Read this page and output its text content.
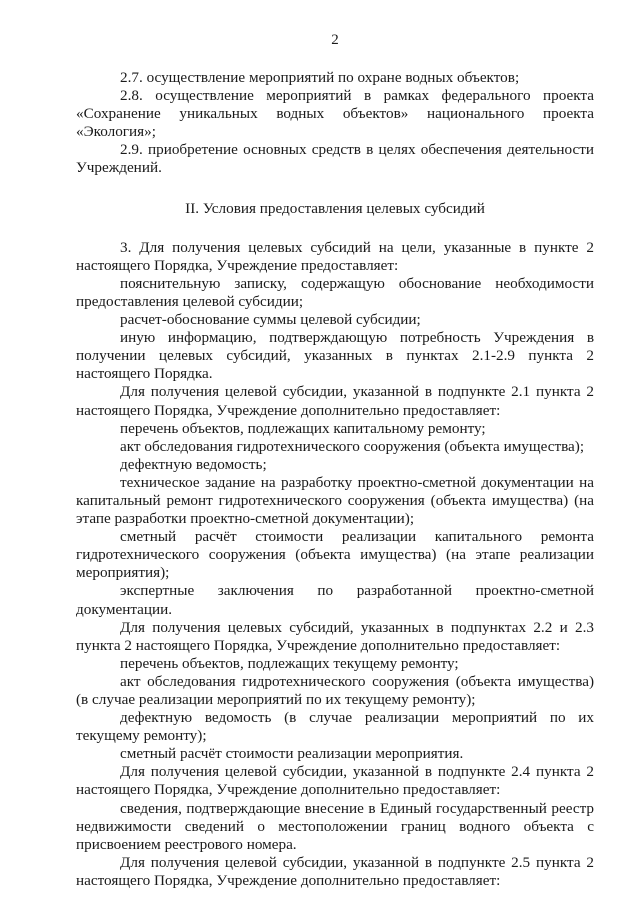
2

2.7. осуществление мероприятий по охране водных объектов;

2.8. осуществление мероприятий в рамках федерального проекта «Сохранение уникальных водных объектов» национального проекта «Экология»;

2.9. приобретение основных средств в целях обеспечения деятельности Учреждений.

II. Условия предоставления целевых субсидий

3. Для получения целевых субсидий на цели, указанные в пункте 2 настоящего Порядка, Учреждение предоставляет:

пояснительную записку, содержащую обоснование необходимости предоставления целевой субсидии;

расчет-обоснование суммы целевой субсидии;

иную информацию, подтверждающую потребность Учреждения в получении целевых субсидий, указанных в пунктах 2.1-2.9 пункта 2 настоящего Порядка.

Для получения целевой субсидии, указанной в подпункте 2.1 пункта 2 настоящего Порядка, Учреждение дополнительно предоставляет:

перечень объектов, подлежащих капитальному ремонту;

акт обследования гидротехнического сооружения (объекта имущества);

дефектную ведомость;

техническое задание на разработку проектно-сметной документации на капитальный ремонт гидротехнического сооружения (объекта имущества) (на этапе разработки проектно-сметной документации);

сметный расчёт стоимости реализации капитального ремонта гидротехнического сооружения (объекта имущества) (на этапе реализации мероприятия);

экспертные заключения по разработанной проектно-сметной документации.

Для получения целевых субсидий, указанных в подпунктах 2.2 и 2.3 пункта 2 настоящего Порядка, Учреждение дополнительно предоставляет:

перечень объектов, подлежащих текущему ремонту;

акт обследования гидротехнического сооружения (объекта имущества) (в случае реализации мероприятий по их текущему ремонту);

дефектную ведомость (в случае реализации мероприятий по их текущему ремонту);

сметный расчёт стоимости реализации мероприятия.

Для получения целевой субсидии, указанной в подпункте 2.4 пункта 2 настоящего Порядка, Учреждение дополнительно предоставляет:

сведения, подтверждающие внесение в Единый государственный реестр недвижимости сведений о местоположении границ водного объекта с присвоением реестрового номера.

Для получения целевой субсидии, указанной в подпункте 2.5 пункта 2 настоящего Порядка, Учреждение дополнительно предоставляет:
